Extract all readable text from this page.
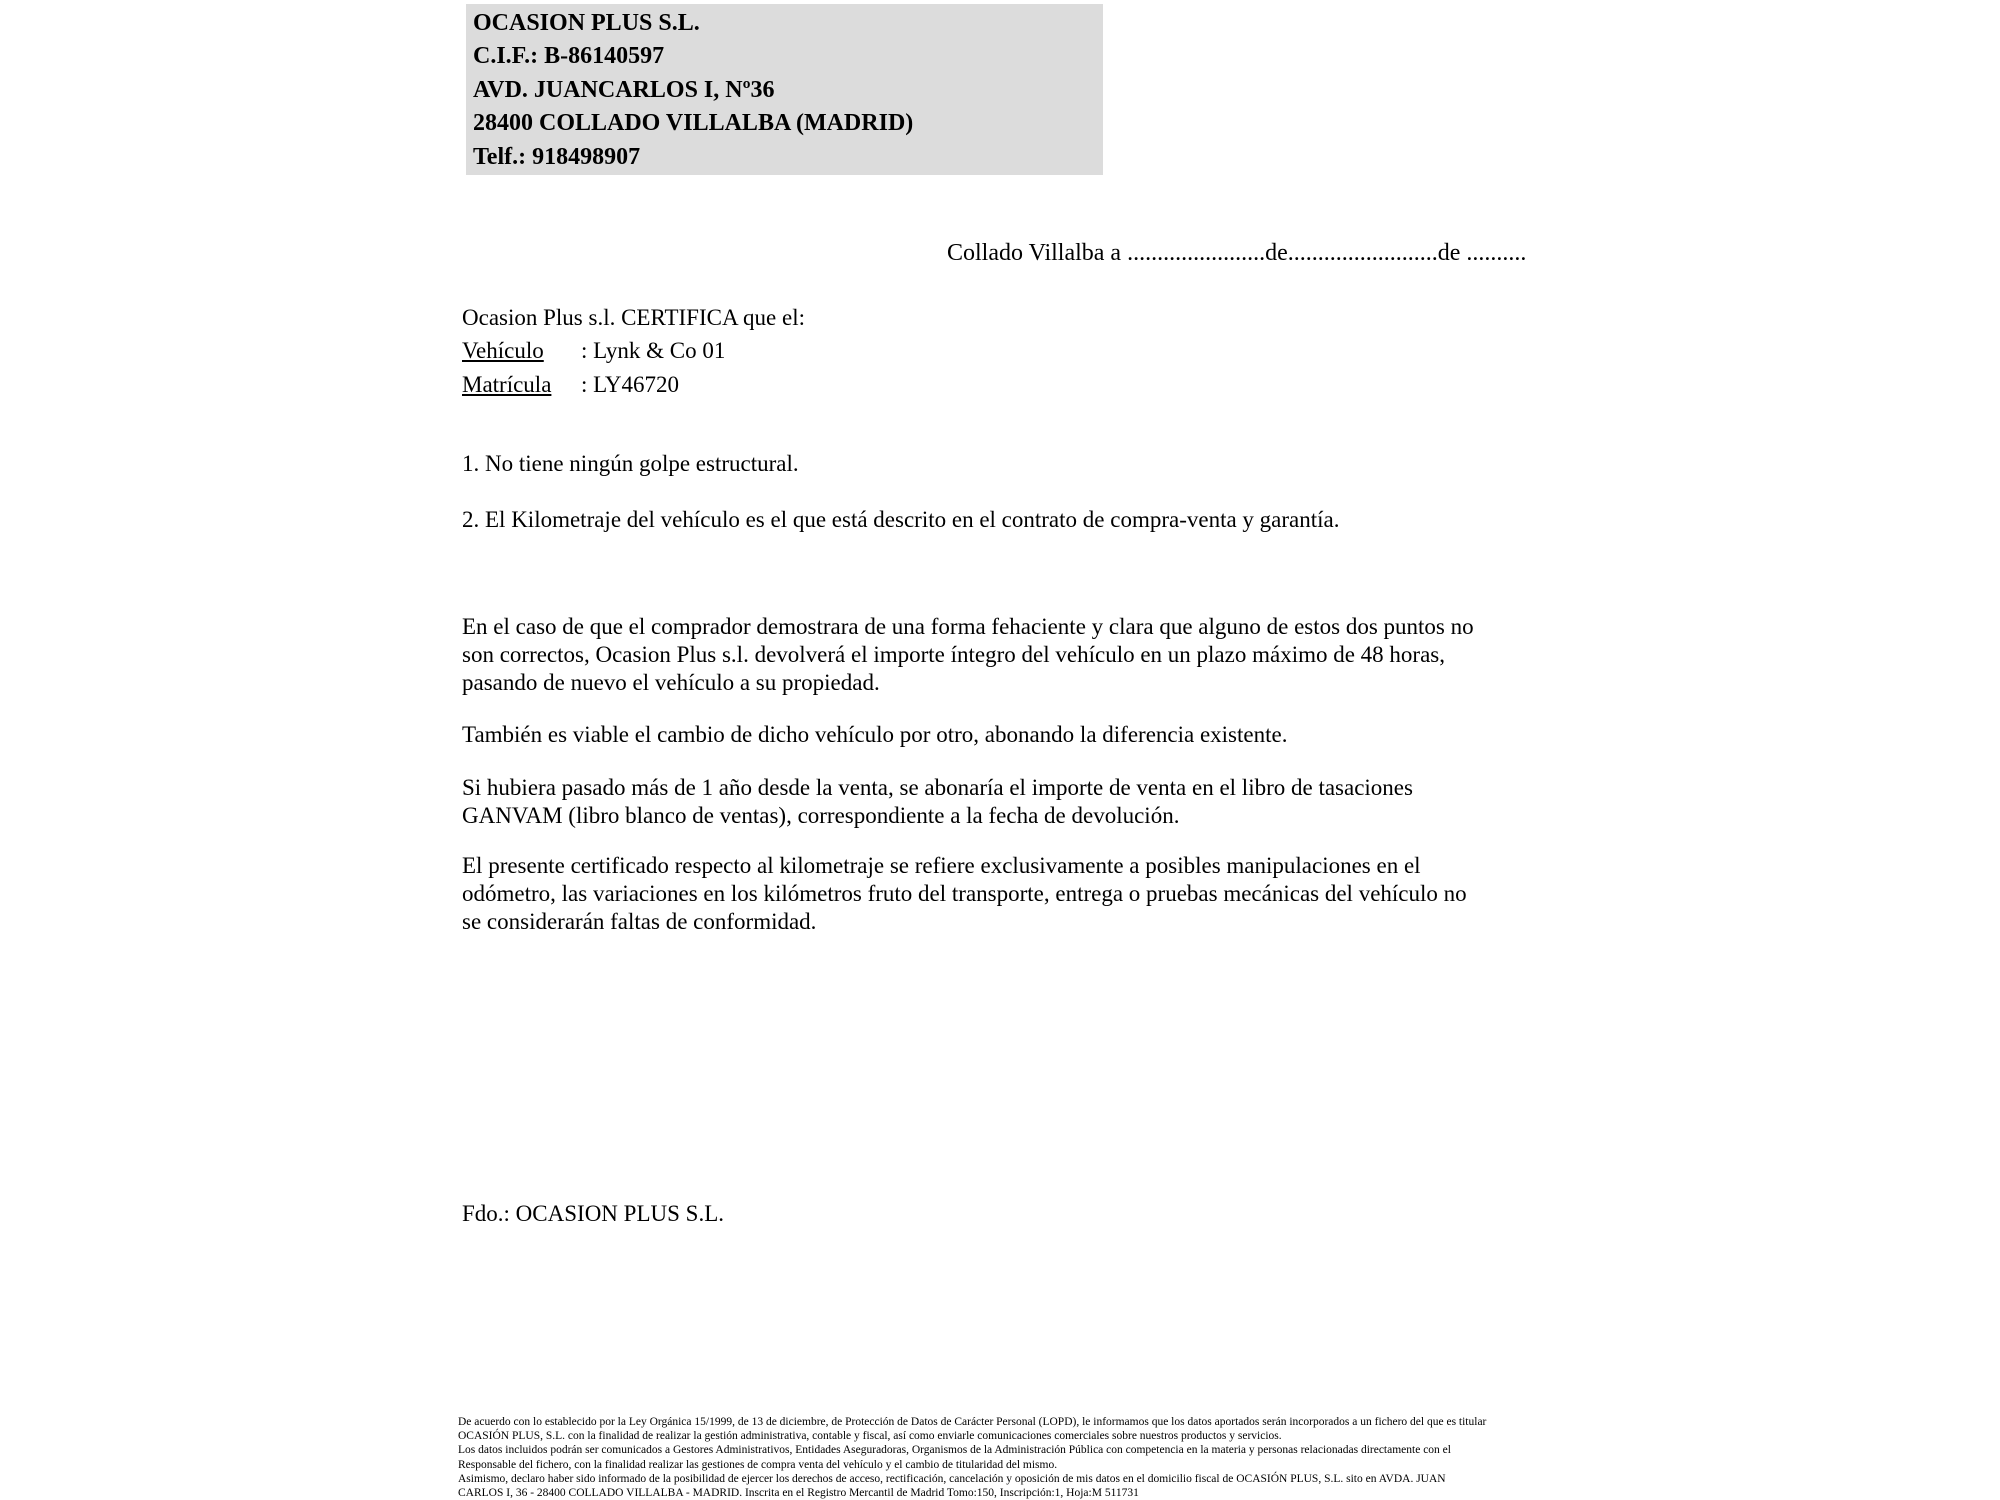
OCASION PLUS S.L.
C.I.F.: B-86140597
AVD. JUANCARLOS I, Nº36
28400 COLLADO VILLALBA (MADRID)
Telf.: 918498907
Collado Villalba a .......................de.........................de ..........
Ocasion Plus s.l. CERTIFICA que el:
Vehículo : Lynk & Co 01
Matrícula : LY46720
1. No tiene ningún golpe estructural.
2. El Kilometraje del vehículo es el que está descrito en el contrato de compra-venta y garantía.
En el caso de que el comprador demostrara de una forma fehaciente y clara que alguno de estos dos puntos no
son correctos, Ocasion Plus s.l. devolverá el importe íntegro del vehículo en un plazo máximo de 48 horas,
pasando de nuevo el vehículo a su propiedad.
También es viable el cambio de dicho vehículo por otro, abonando la diferencia existente.
Si hubiera pasado más de 1 año desde la venta, se abonaría el importe de venta en el libro de tasaciones
GANVAM (libro blanco de ventas), correspondiente a la fecha de devolución.
El presente certificado respecto al kilometraje se refiere exclusivamente a posibles manipulaciones en el
odómetro, las variaciones en los kilómetros fruto del transporte, entrega o pruebas mecánicas del vehículo no
se considerarán faltas de conformidad.
Fdo.: OCASION PLUS S.L.
De acuerdo con lo establecido por la Ley Orgánica 15/1999, de 13 de diciembre, de Protección de Datos de Carácter Personal (LOPD), le informamos que los datos aportados serán incorporados a un fichero del que es titular
OCASIÓN PLUS, S.L. con la finalidad de realizar la gestión administrativa, contable y fiscal, así como enviarle comunicaciones comerciales sobre nuestros productos y servicios.
Los datos incluidos podrán ser comunicados a Gestores Administrativos, Entidades Aseguradoras, Organismos de la Administración Pública con competencia en la materia y personas relacionadas directamente con el
Responsable del fichero, con la finalidad realizar las gestiones de compra venta del vehículo y el cambio de titularidad del mismo.
Asimismo, declaro haber sido informado de la posibilidad de ejercer los derechos de acceso, rectificación, cancelación y oposición de mis datos en el domicilio fiscal de OCASIÓN PLUS, S.L. sito en AVDA. JUAN
CARLOS I, 36 - 28400 COLLADO VILLALBA - MADRID. Inscrita en el Registro Mercantil de Madrid Tomo:150, Inscripción:1, Hoja:M 511731
